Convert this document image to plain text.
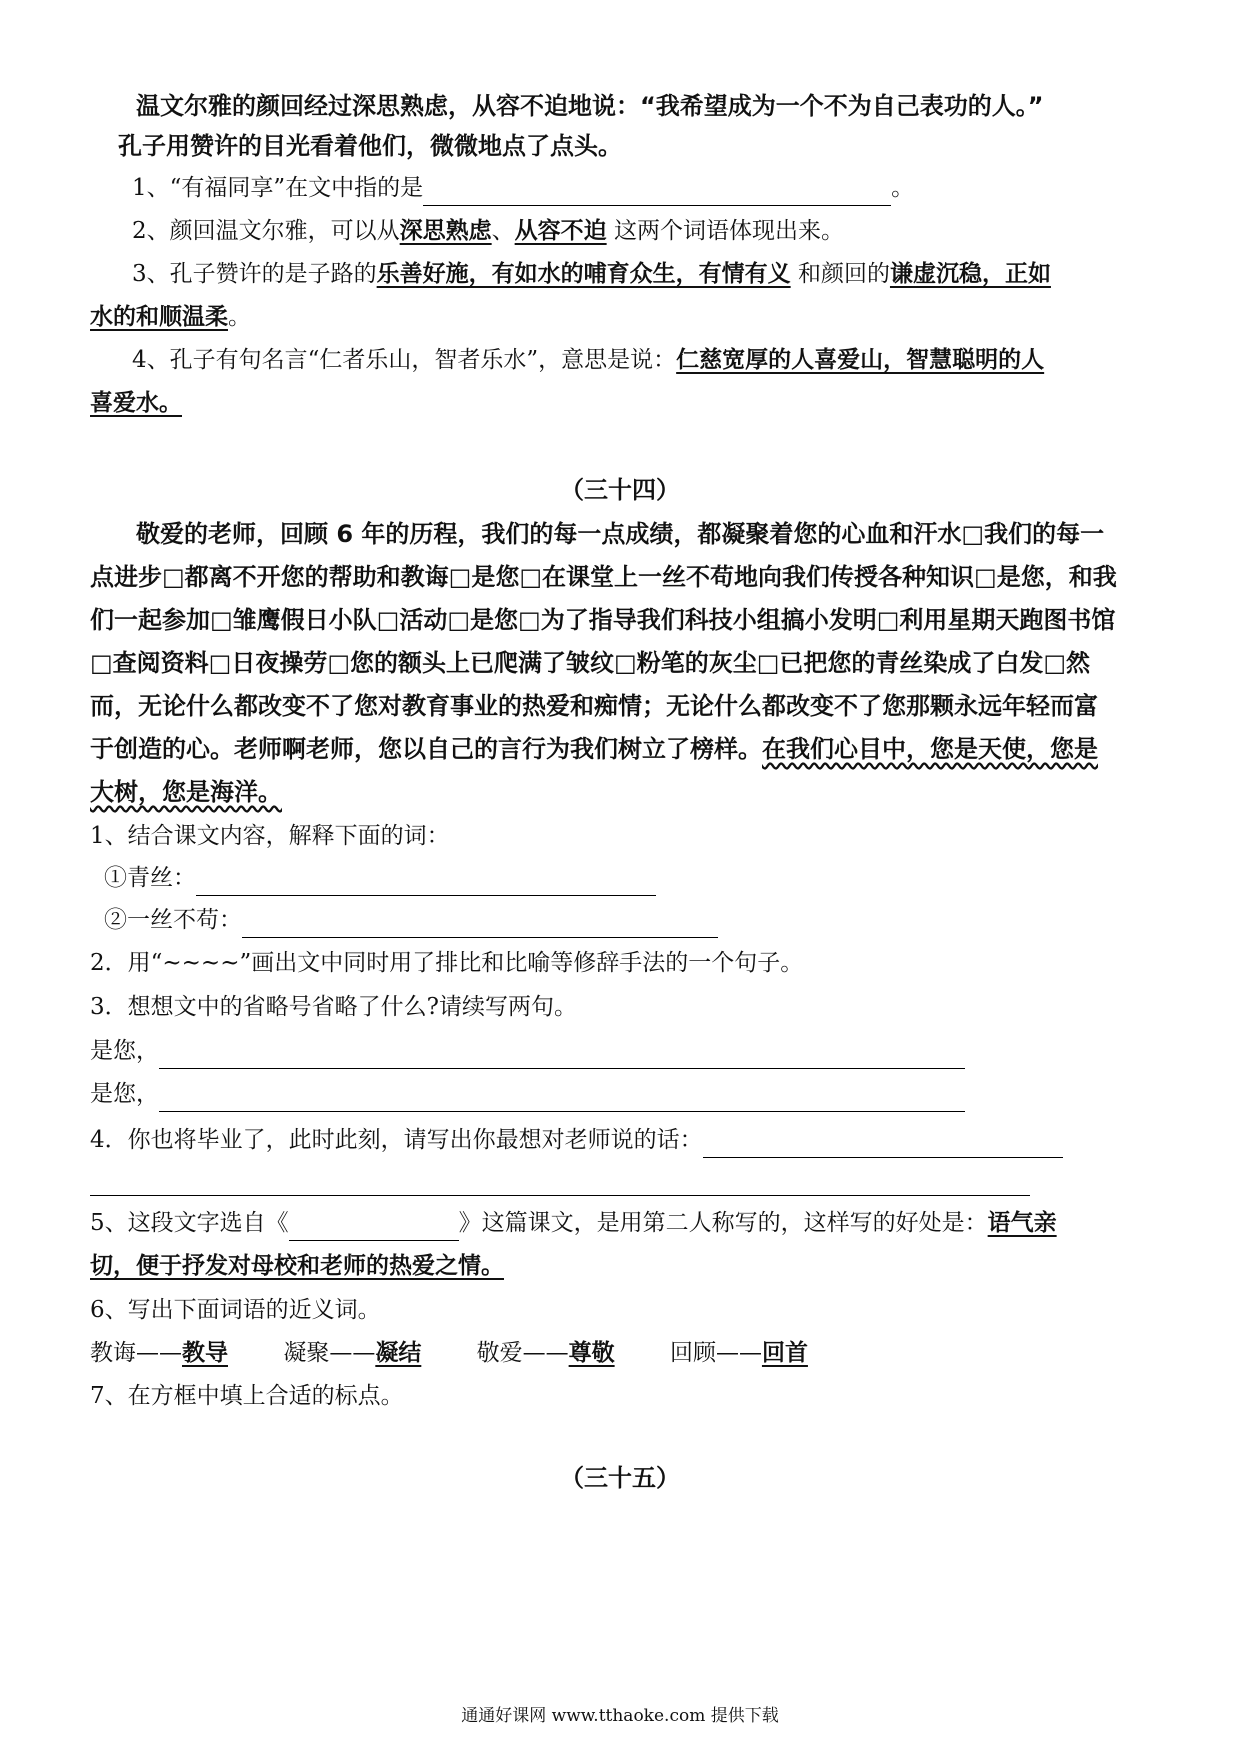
温文尔雅的颜回经过深思熟虑，从容不迫地说：“我希望成为一个不为自己表功的人。”
孔子用赞许的目光看着他们，微微地点了点头。
1、“有福同享”在文中指的是	。
2、颜回温文尔雅，可以从深思熟虑、从容不迫 这两个词语体现出来。
3、孔子赞许的是子路的乐善好施，有如水的哺育众生，有情有义 和颜回的谦虚沉稳，正如
水的和顺温柔。
4、孔子有句名言“仁者乐山，智者乐水”，意思是说：仁慈宽厚的人喜爱山，智慧聪明的人
喜爱水。
（三十四）
敬爱的老师，回顾 6 年的历程，我们的每一点成绩，都凝聚着您的心血和汗水□我们的每一
点进步□都离不开您的帮助和教诲□是您□在课堂上一丝不苟地向我们传授各种知识□是您，和我
们一起参加□雏鹰假日小队□活动□是您□为了指导我们科技小组搞小发明□利用星期天跑图书馆
□查阅资料□日夜操劳□您的额头上已爬满了皱纹□粉笔的灰尘□已把您的青丝染成了白发□然
而，无论什么都改变不了您对教育事业的热爱和痴情；无论什么都改变不了您那颗永远年轻而富
于创造的心。老师啊老师，您以自己的言行为我们树立了榜样。在我们心目中，您是天使，您是
大树，您是海洋。
1、结合课文内容，解释下面的词：
①青丝：
②一丝不苟：
2．用“~~~~”画出文中同时用了排比和比喻等修辞手法的一个句子。
3．想想文中的省略号省略了什么?请续写两句。
是您，
是您，
4．你也将毕业了，此时此刻，请写出你最想对老师说的话：
5、这段文字选自《	》这篇课文，是用第二人称写的，这样写的好处是：语气亲
切，便于抒发对母校和老师的热爱之情。
6、写出下面词语的近义词。
教诲——教导 凝聚——凝结 敬爱——尊敬 回顾——回首
7、在方框中填上合适的标点。
（三十五）
通通好课网 www.tthaoke.com 提供下载
